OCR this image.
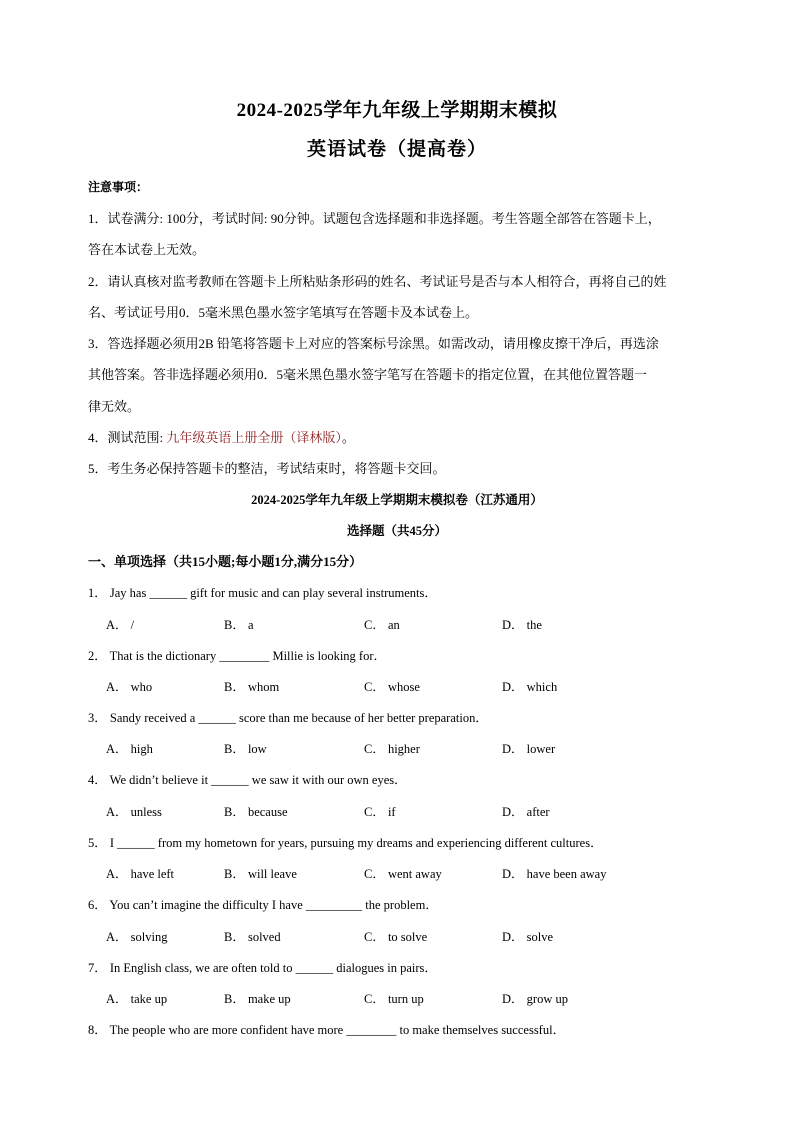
2024-2025学年九年级上学期期末模拟
英语试卷（提高卷）
注意事项：
1．试卷满分: 100分，考试时间: 90分钟。试题包含选择题和非选择题。考生答题全部答在答题卡上，
答在本试卷上无效。
2．请认真核对监考教师在答题卡上所粘贴条形码的姓名、考试证号是否与本人相符合，再将自己的姓
名、考试证号用0．5毫米黑色墨水签字笔填写在答题卡及本试卷上。
3．答选择题必须用2B 铅笔将答题卡上对应的答案标号涂黑。如需改动，请用橡皮擦干净后，再选涂
其他答案。答非选择题必须用0．5毫米黑色墨水签字笔写在答题卡的指定位置，在其他位置答题一
律无效。
4．测试范围: 九年级英语上册全册（译林版）。
5．考生务必保持答题卡的整洁，考试结束时，将答题卡交回。
2024-2025学年九年级上学期期末模拟卷（江苏通用）
选择题（共45分）
一、单项选择（共15小题;每小题1分,满分15分）
1． Jay has ______ gift for music and can play several instruments．
A． /	B． a	C． an	D． the
2． That is the dictionary ________ Millie is looking for．
A． who	B． whom	C． whose	D． which
3． Sandy received a ______ score than me because of her better preparation．
A． high	B． low	C． higher	D． lower
4． We didn’t believe it ______ we saw it with our own eyes．
A． unless	B． because	C． if	D． after
5． I ______ from my hometown for years, pursuing my dreams and experiencing different cultures．
A． have left	B． will leave	C． went away	D． have been away
6． You can’t imagine the difficulty I have _________ the problem．
A． solving	B． solved	C． to solve	D． solve
7． In English class, we are often told to ______ dialogues in pairs．
A． take up	B． make up	C． turn up	D． grow up
8． The people who are more confident have more ________ to make themselves successful．
